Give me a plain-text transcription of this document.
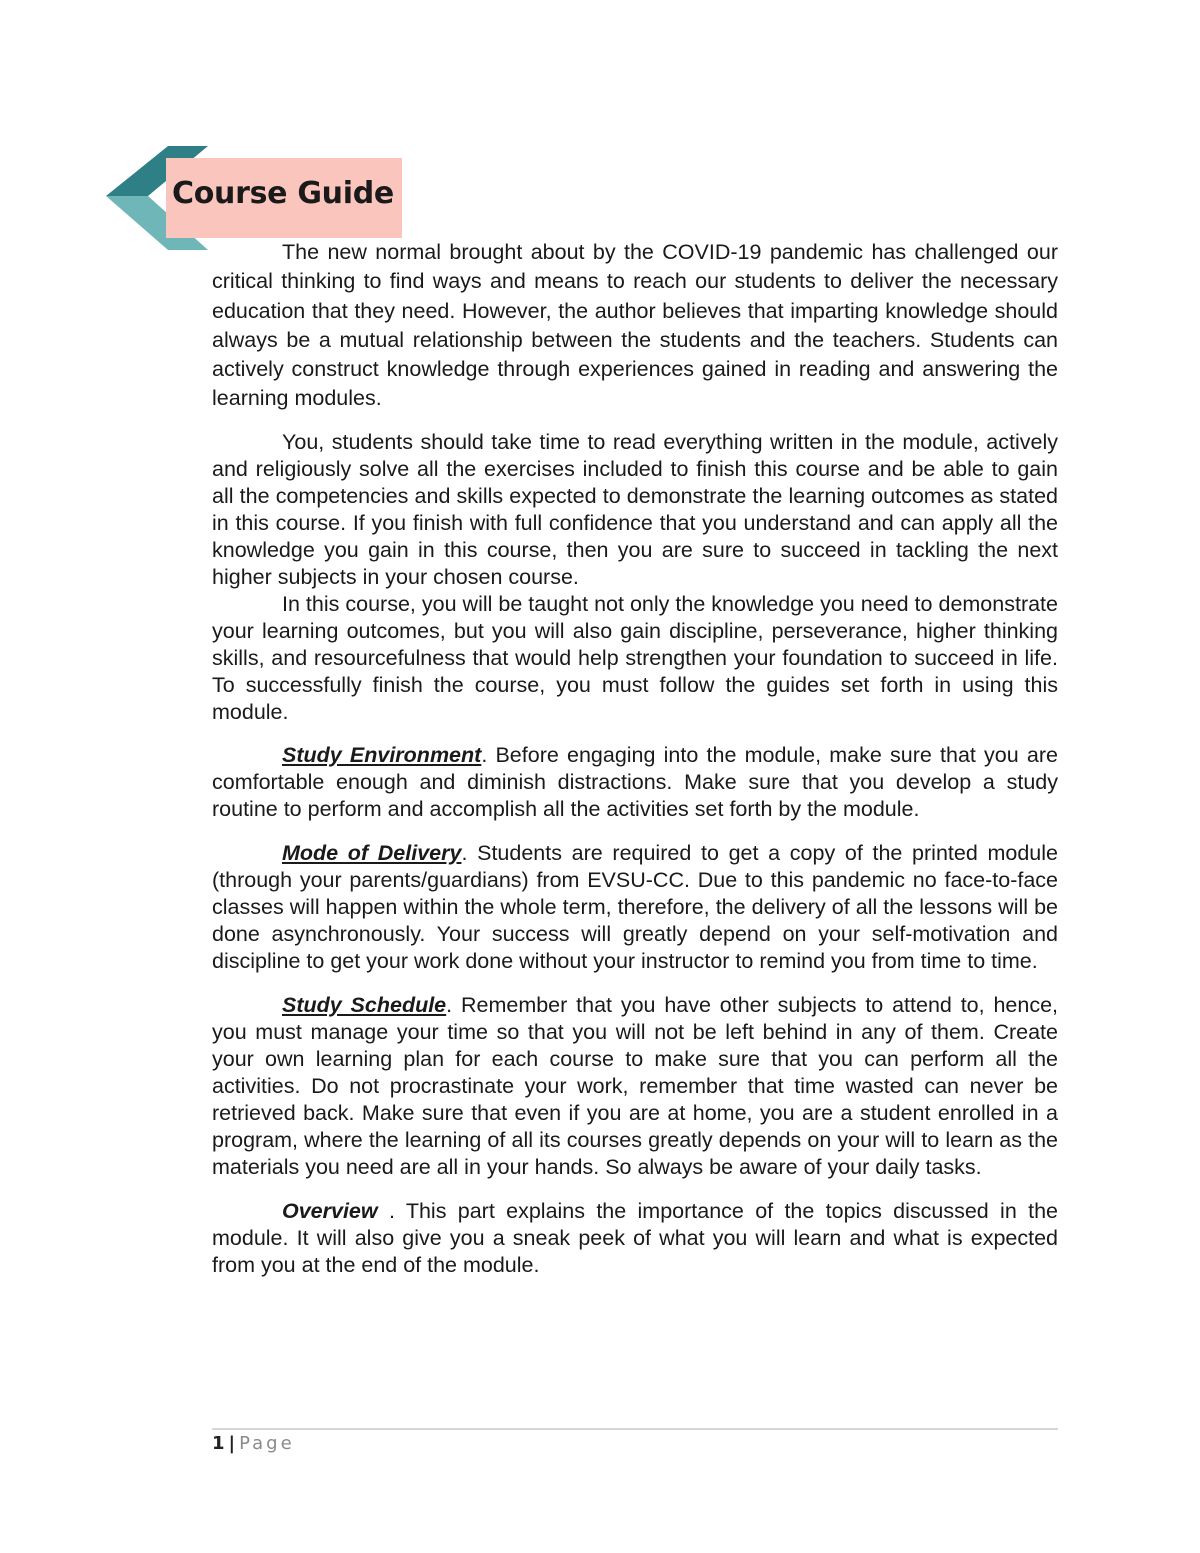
Course Guide

The new normal brought about by the COVID-19 pandemic has challenged our critical thinking to find ways and means to reach our students to deliver the necessary education that they need. However, the author believes that imparting knowledge should always be a mutual relationship between the students and the teachers. Students can actively construct knowledge through experiences gained in reading and answering the learning modules.

You, students should take time to read everything written in the module, actively and religiously solve all the exercises included to finish this course and be able to gain all the competencies and skills expected to demonstrate the learning outcomes as stated in this course. If you finish with full confidence that you understand and can apply all the knowledge you gain in this course, then you are sure to succeed in tackling the next higher subjects in your chosen course.

In this course, you will be taught not only the knowledge you need to demonstrate your learning outcomes, but you will also gain discipline, perseverance, higher thinking skills, and resourcefulness that would help strengthen your foundation to succeed in life. To successfully finish the course, you must follow the guides set forth in using this module.

Study Environment. Before engaging into the module, make sure that you are comfortable enough and diminish distractions. Make sure that you develop a study routine to perform and accomplish all the activities set forth by the module.

Mode of Delivery. Students are required to get a copy of the printed module (through your parents/guardians) from EVSU-CC. Due to this pandemic no face-to-face classes will happen within the whole term, therefore, the delivery of all the lessons will be done asynchronously. Your success will greatly depend on your self-motivation and discipline to get your work done without your instructor to remind you from time to time.

Study Schedule. Remember that you have other subjects to attend to, hence, you must manage your time so that you will not be left behind in any of them. Create your own learning plan for each course to make sure that you can perform all the activities. Do not procrastinate your work, remember that time wasted can never be retrieved back. Make sure that even if you are at home, you are a student enrolled in a program, where the learning of all its courses greatly depends on your will to learn as the materials you need are all in your hands. So always be aware of your daily tasks.

Overview . This part explains the importance of the topics discussed in the module. It will also give you a sneak peek of what you will learn and what is expected from you at the end of the module.

1 | Page
